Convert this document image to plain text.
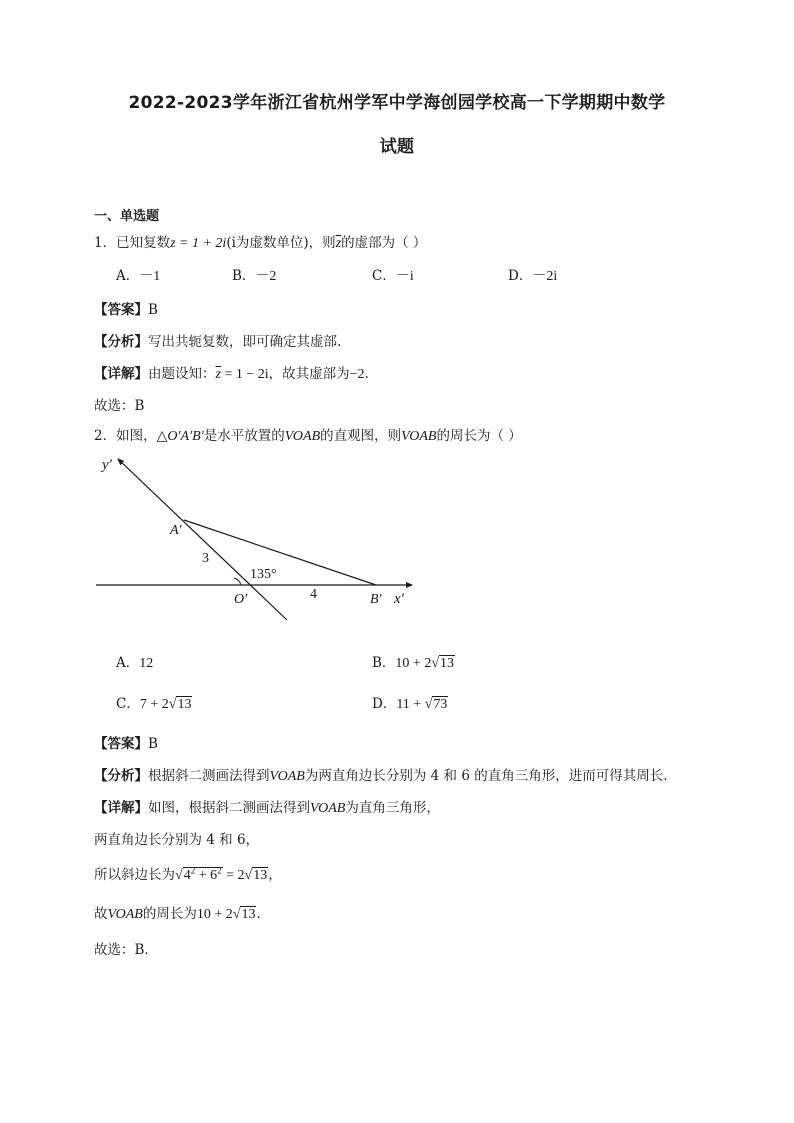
2022-2023学年浙江省杭州学军中学海创园学校高一下学期期中数学
试题
一、单选题
1．已知复数z = 1 + 2i(i为虚数单位)，则$\overline{z}$的虚部为（ ）
A．－1	B．－2	C．－i	D．－2i
【答案】B
【分析】写出共轭复数，即可确定其虚部.
【详解】由题设知：$\overline{z} = 1 - 2i$，故其虚部为−2.
故选：B
2．如图，△O′A′B′是水平放置的VOAB的直观图，则VOAB的周长为（ ）
y′
x′
A′
O′	B′
3
4
135°
A．12	B．10 + 2√13
C．7 + 2√13	D．11 + √73
【答案】B
【分析】根据斜二测画法得到VOAB为两直角边长分别为 4 和 6 的直角三角形，进而可得其周长.
【详解】如图，根据斜二测画法得到VOAB为直角三角形，
两直角边长分别为 4 和 6，
所以斜边长为$√4^2 + 6^2 = 2√13$，
故VOAB的周长为10 + 2√13．
故选：B．
